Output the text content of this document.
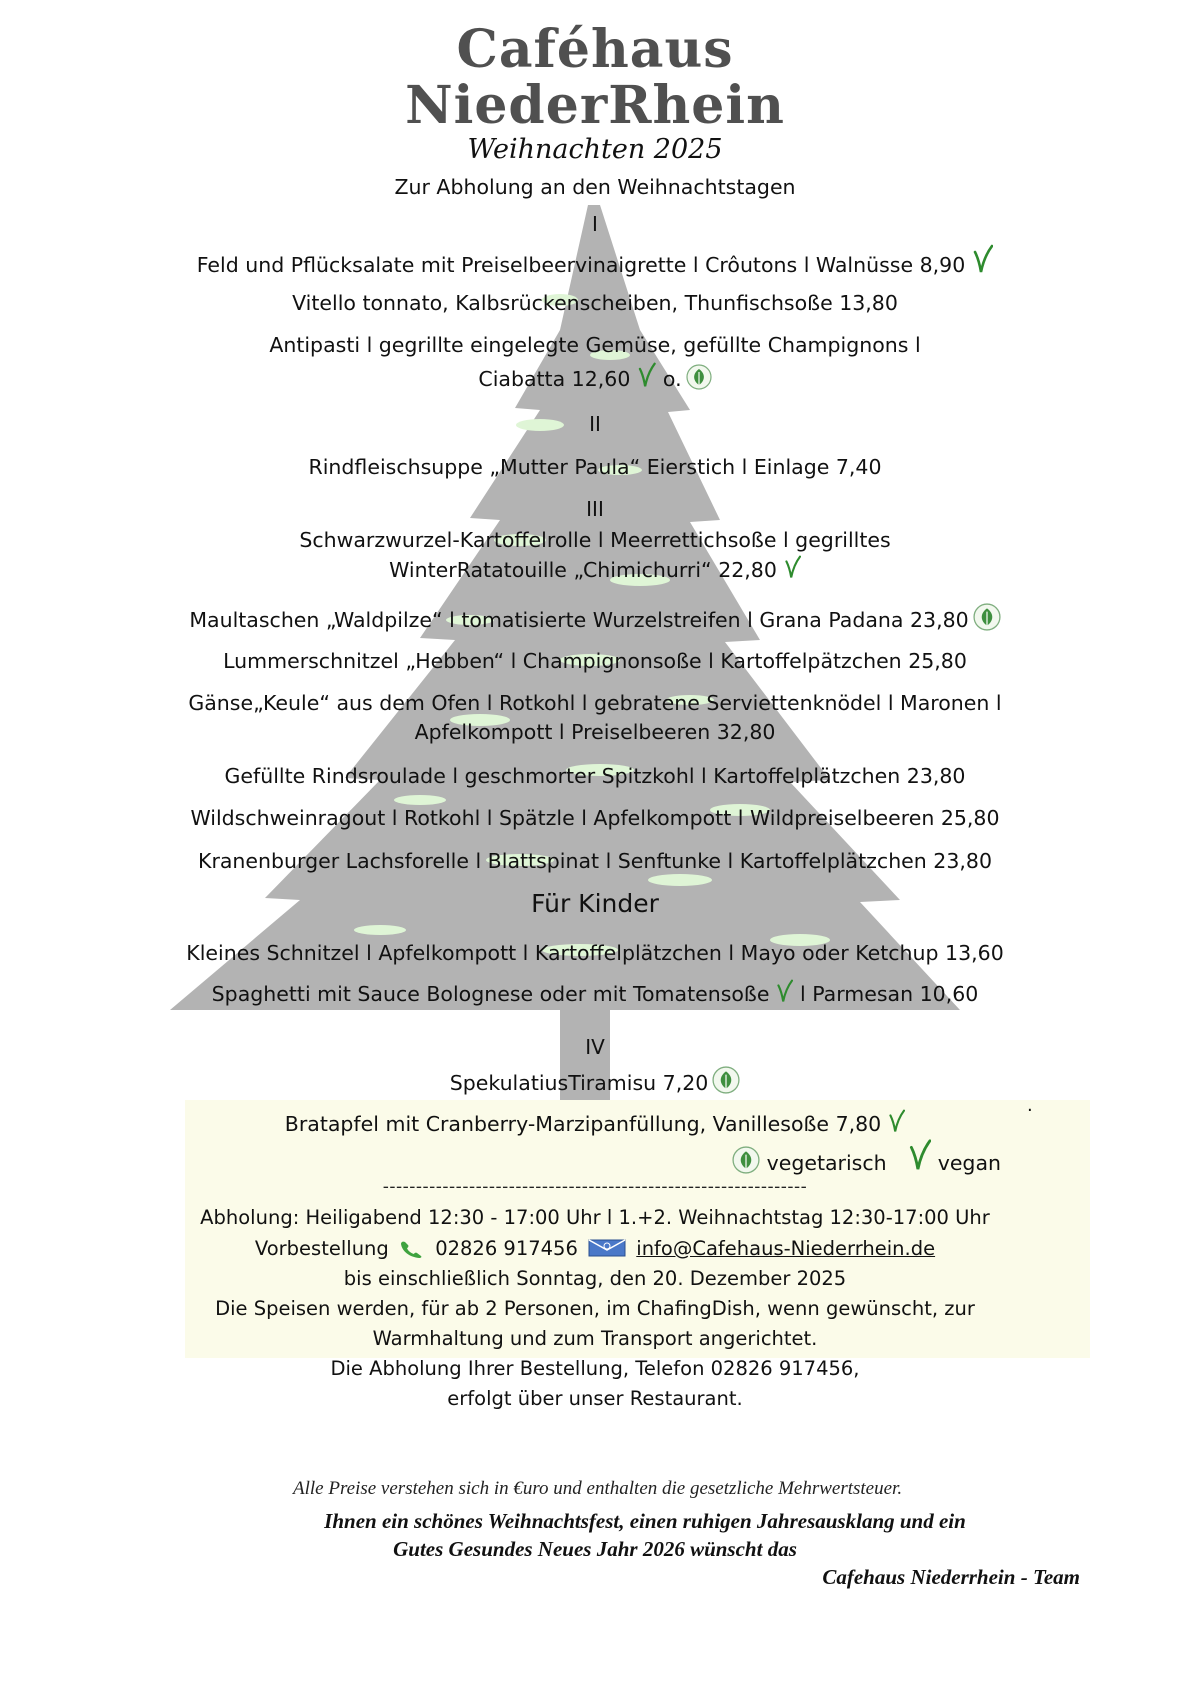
Caféhaus
NiederRhein
Weihnachten 2025
Zur Abholung an den Weihnachtstagen
I
Feld und Pflücksalate mit Preiselbeervinaigrette l Crôutons l Walnüsse 8,90
Vitello tonnato, Kalbsrückenscheiben, Thunfischsoße 13,80
Antipasti l gegrillte eingelegte Gemüse, gefüllte Champignons l
Ciabatta 12,60 o.
II
Rindfleischsuppe „Mutter Paula“ Eierstich l Einlage 7,40
III
Schwarzwurzel-Kartoffelrolle l Meerrettichsoße l gegrilltes
WinterRatatouille „Chimichurri“ 22,80
Maultaschen „Waldpilze“ l tomatisierte Wurzelstreifen l Grana Padana 23,80
Lummerschnitzel „Hebben“ l Champignonsoße l Kartoffelpätzchen 25,80
Gänse„Keule“ aus dem Ofen l Rotkohl l gebratene Serviettenknödel l Maronen l
Apfelkompott l Preiselbeeren 32,80
Gefüllte Rindsroulade l geschmorter Spitzkohl l Kartoffelplätzchen 23,80
Wildschweinragout l Rotkohl l Spätzle l Apfelkompott l Wildpreiselbeeren 25,80
Kranenburger Lachsforelle l Blattspinat l Senftunke l Kartoffelplätzchen 23,80
Für Kinder
Kleines Schnitzel l Apfelkompott l Kartoffelplätzchen l Mayo oder Ketchup 13,60
Spaghetti mit Sauce Bolognese oder mit Tomatensoße l Parmesan 10,60
IV
SpekulatiusTiramisu 7,20
Bratapfel mit Cranberry-Marzipanfüllung, Vanillesoße 7,80
.
vegetarisch vegan
----------------------------------------------------------------
Abholung: Heiligabend 12:30 - 17:00 Uhr l 1.+2. Weihnachtstag 12:30-17:00 Uhr
Vorbestellung 02826 917456	info@Cafehaus-Niederrhein.de
bis einschließlich Sonntag, den 20. Dezember 2025
Die Speisen werden, für ab 2 Personen, im ChafingDish, wenn gewünscht, zur
Warmhaltung und zum Transport angerichtet.
Die Abholung Ihrer Bestellung, Telefon 02826 917456,
erfolgt über unser Restaurant.
Alle Preise verstehen sich in €uro und enthalten die gesetzliche Mehrwertsteuer.
Ihnen ein schönes Weihnachtsfest, einen ruhigen Jahresausklang und ein
Gutes Gesundes Neues Jahr 2026 wünscht das
Cafehaus Niederrhein - Team
